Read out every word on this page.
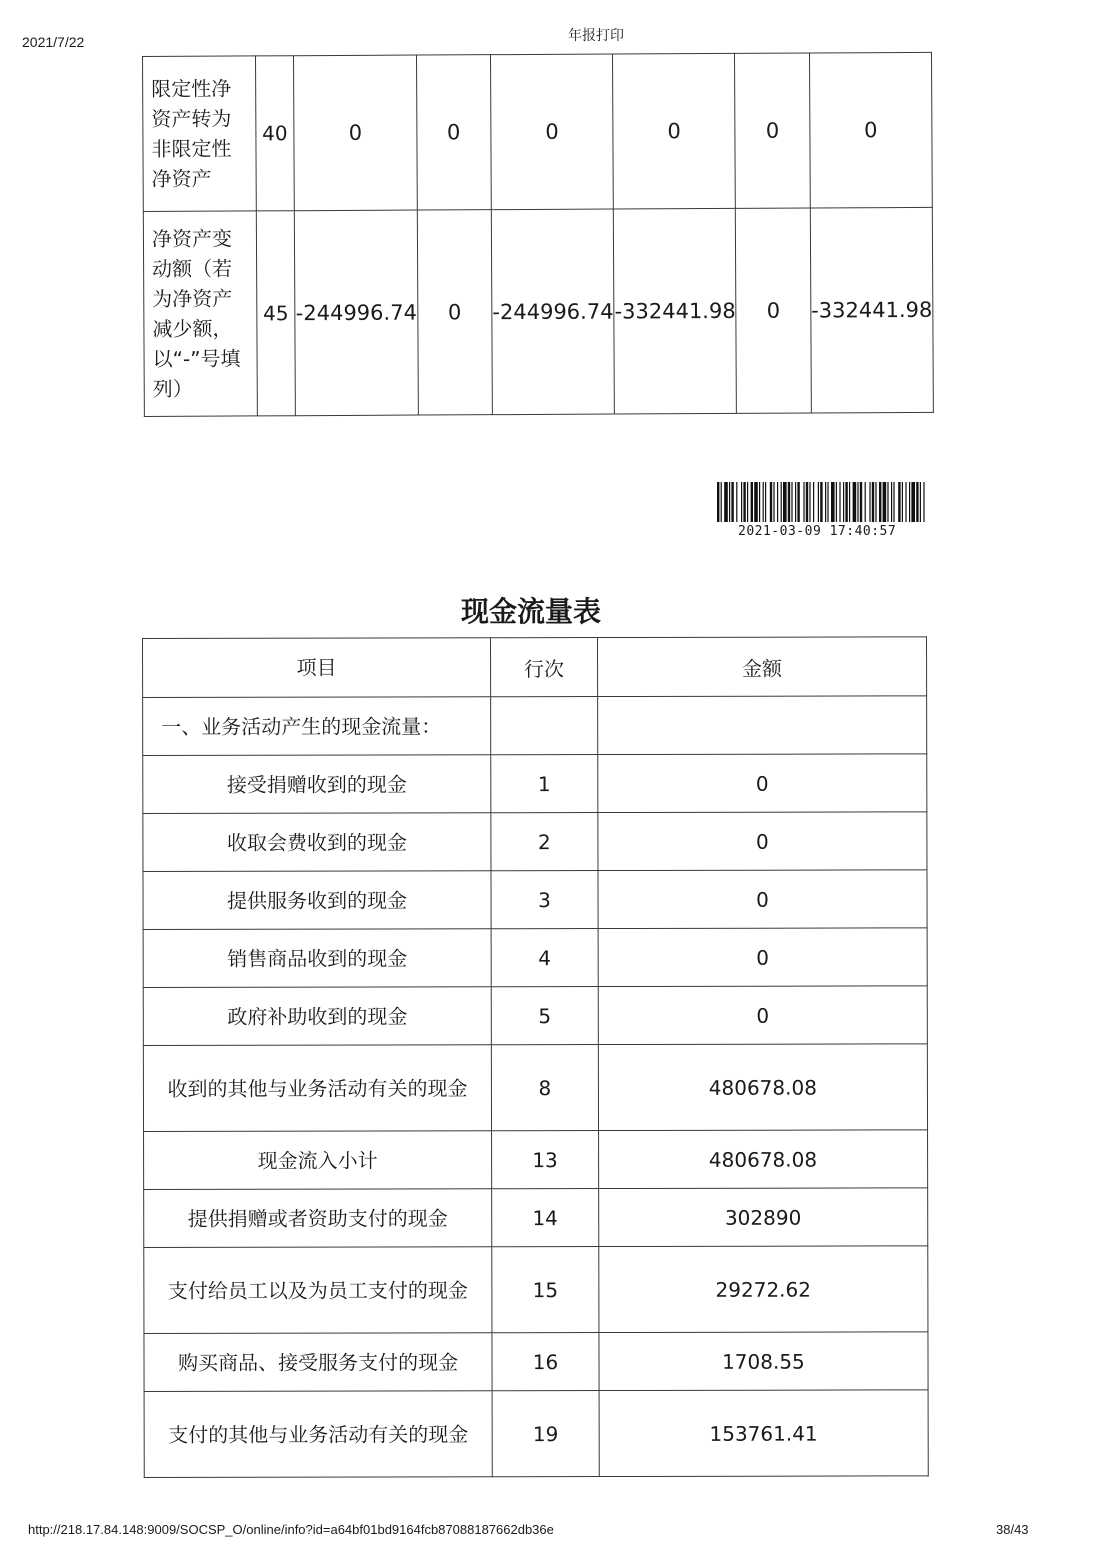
2021/7/22	年报打印
限定性净资产转为非限定性净资产	40	0	0	0	0	0	0
净资产变动额（若为净资产减少额，以“-”号填列）	45	-244996.74	0	-244996.74	-332441.98	0	-332441.98
2021-03-09 17:40:57
现金流量表
项目	行次	金额
一、业务活动产生的现金流量：		
接受捐赠收到的现金	1	0
收取会费收到的现金	2	0
提供服务收到的现金	3	0
销售商品收到的现金	4	0
政府补助收到的现金	5	0
收到的其他与业务活动有关的现金	8	480678.08
现金流入小计	13	480678.08
提供捐赠或者资助支付的现金	14	302890
支付给员工以及为员工支付的现金	15	29272.62
购买商品、接受服务支付的现金	16	1708.55
支付的其他与业务活动有关的现金	19	153761.41
http://218.17.84.148:9009/SOCSP_O/online/info?id=a64bf01bd9164fcb87088187662db36e	38/43
